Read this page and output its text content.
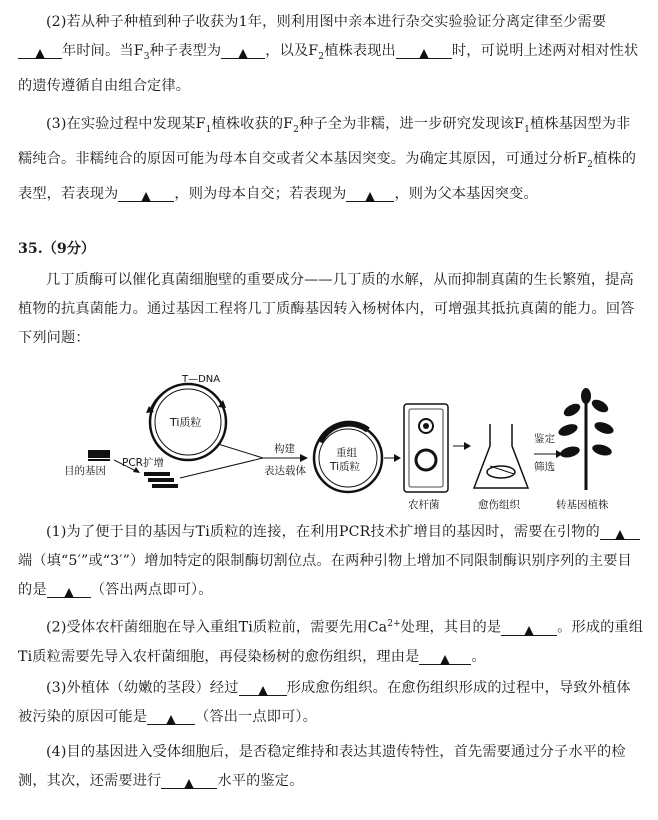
(2)若从种子种植到种子收获为1年，则利用图中亲本进行杂交实验验证分离定律至少需要年时间。当$F_3$种子表型为	，以及$F_2$植株表现出	时，可说明上述两对相对性状的遗传遵循自由组合定律。

(3)在实验过程中发现某$F_1$植株收获的$F_2$种子全为非糯，进一步研究发现该$F_1$植株基因型为非糯纯合。非糯纯合的原因可能为母本自交或者父本基因突变。为确定其原因，可通过分析$F_2$植株的表型，若表现为	，则为母本自交；若表现为	，则为父本基因突变。

35.（9分）

几丁质酶可以催化真菌细胞壁的重要成分——几丁质的水解，从而抑制真菌的生长繁殖，提高植物的抗真菌能力。通过基因工程将几丁质酶基因转入杨树体内，可增强其抵抗真菌的能力。回答下列问题：

T—DNA
Ti质粒
目的基因
PCR扩增
构建
表达载体
重组
Ti质粒
农杆菌	愈伤组织
鉴定
筛选
转基因植株

(1)为了便于目的基因与Ti质粒的连接，在利用PCR技术扩增目的基因时，需要在引物的端（填“5′”或“3′”）增加特定的限制酶切割位点。在两种引物上增加不同限制酶识别序列的主要目的是	（答出两点即可）。

(2)受体农杆菌细胞在导入重组Ti质粒前，需要先用$Ca^{2+}$处理，其目的是	。形成的重组Ti质粒需要先导入农杆菌细胞，再侵染杨树的愈伤组织，理由是	。

(3)外植体（幼嫩的茎段）经过	形成愈伤组织。在愈伤组织形成的过程中，导致外植体被污染的原因可能是	（答出一点即可）。

(4)目的基因进入受体细胞后，是否稳定维持和表达其遗传特性，首先需要通过分子水平的检测，其次，还需要进行	水平的鉴定。
